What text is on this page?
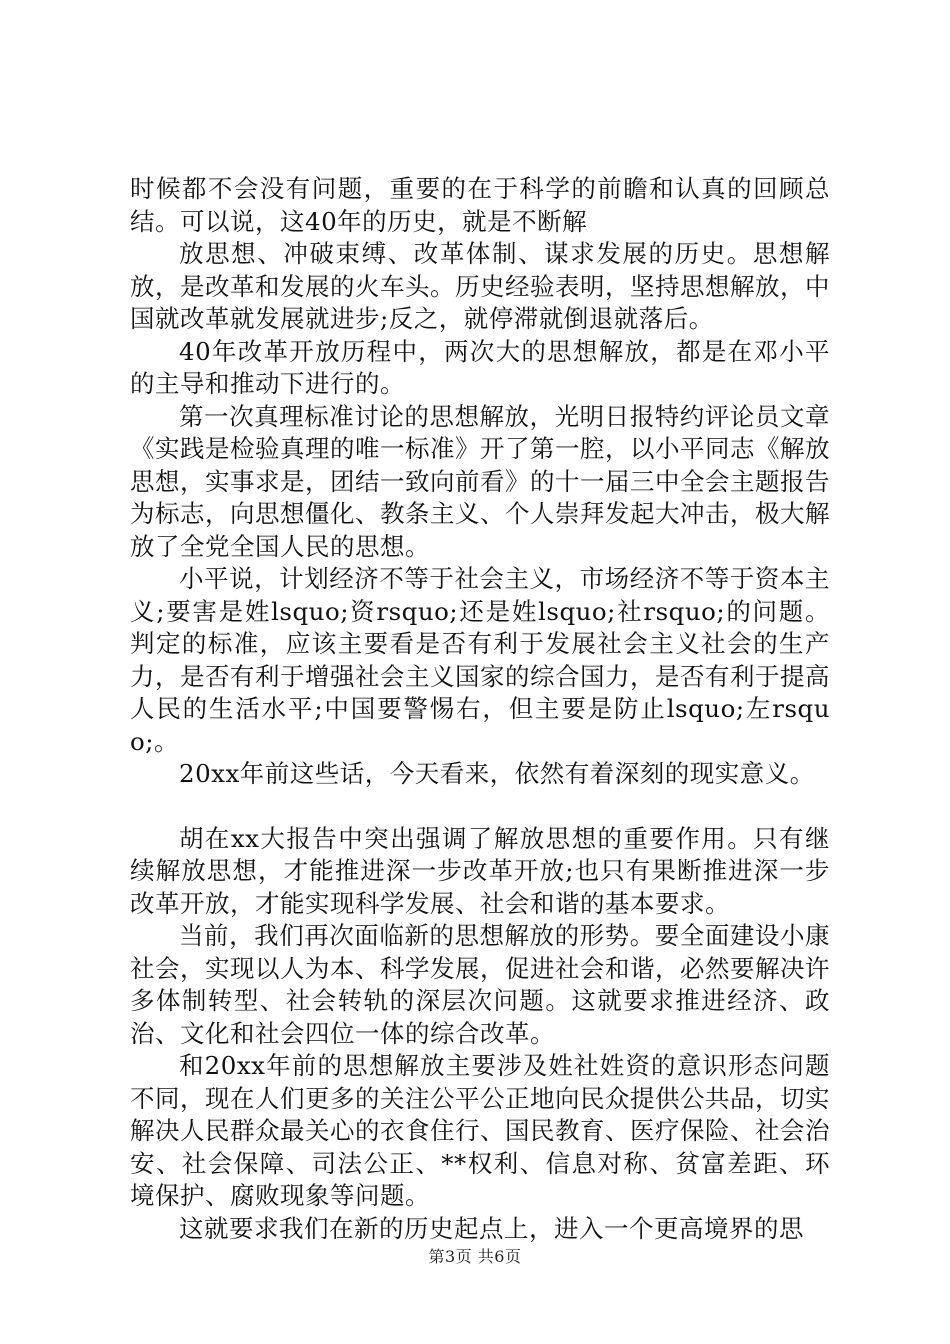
时候都不会没有问题，重要的在于科学的前瞻和认真的回顾总结。可以说，这40年的历史，就是不断解

放思想、冲破束缚、改革体制、谋求发展的历史。思想解放，是改革和发展的火车头。历史经验表明，坚持思想解放，中国就改革就发展就进步;反之，就停滞就倒退就落后。

40年改革开放历程中，两次大的思想解放，都是在邓小平的主导和推动下进行的。

第一次真理标准讨论的思想解放，光明日报特约评论员文章《实践是检验真理的唯一标准》开了第一腔，以小平同志《解放思想，实事求是，团结一致向前看》的十一届三中全会主题报告为标志，向思想僵化、教条主义、个人崇拜发起大冲击，极大解放了全党全国人民的思想。

小平说，计划经济不等于社会主义，市场经济不等于资本主义;要害是姓lsquo;资rsquo;还是姓lsquo;社rsquo;的问题。判定的标准，应该主要看是否有利于发展社会主义社会的生产力，是否有利于增强社会主义国家的综合国力，是否有利于提高人民的生活水平;中国要警惕右，但主要是防止lsquo;左rsquo;。

20xx年前这些话，今天看来，依然有着深刻的现实意义。

胡在xx大报告中突出强调了解放思想的重要作用。只有继续解放思想，才能推进深一步改革开放;也只有果断推进深一步改革开放，才能实现科学发展、社会和谐的基本要求。

当前，我们再次面临新的思想解放的形势。要全面建设小康社会，实现以人为本、科学发展，促进社会和谐，必然要解决许多体制转型、社会转轨的深层次问题。这就要求推进经济、政治、文化和社会四位一体的综合改革。

和20xx年前的思想解放主要涉及姓社姓资的意识形态问题不同，现在人们更多的关注公平公正地向民众提供公共品，切实解决人民群众最关心的衣食住行、国民教育、医疗保险、社会治安、社会保障、司法公正、**权利、信息对称、贫富差距、环境保护、腐败现象等问题。

这就要求我们在新的历史起点上，进入一个更高境界的思

第3页 共6页
